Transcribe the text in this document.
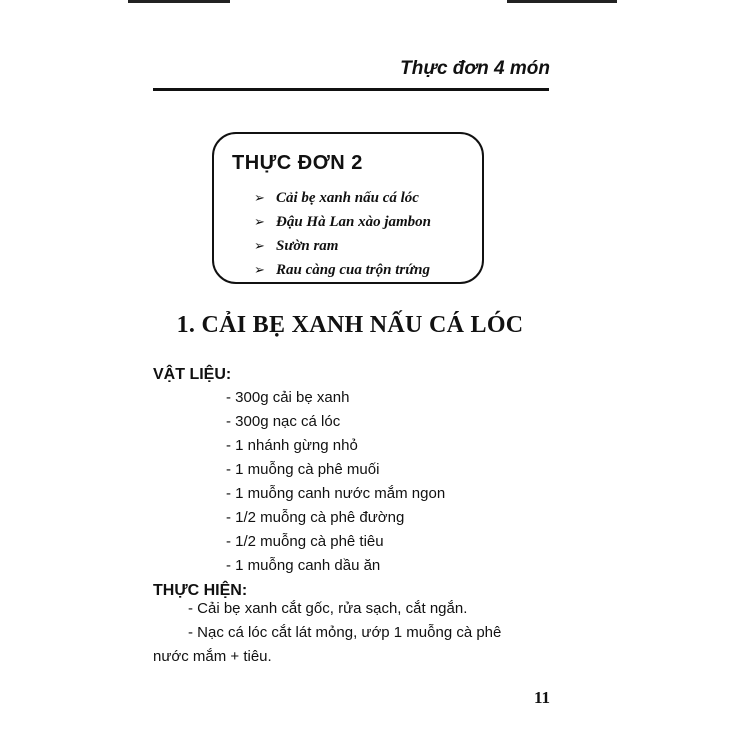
Thực đơn 4 món
THỰC ĐƠN 2
➢ Cải bẹ xanh nấu cá lóc
➢ Đậu Hà Lan xào jambon
➢ Sườn ram
➢ Rau càng cua trộn trứng
1. CẢI BẸ XANH NẤU CÁ LÓC
VẬT LIỆU:
- 300g cải bẹ xanh
- 300g nạc cá lóc
- 1 nhánh gừng nhỏ
- 1 muỗng cà phê muối
- 1 muỗng canh nước mắm ngon
- 1/2 muỗng cà phê đường
- 1/2 muỗng cà phê tiêu
- 1 muỗng canh dầu ăn
THỰC HIỆN:
- Cải bẹ xanh cắt gốc, rửa sạch, cắt ngắn.
- Nạc cá lóc cắt lát mỏng, ướp 1 muỗng cà phê
nước mắm + tiêu.
11
